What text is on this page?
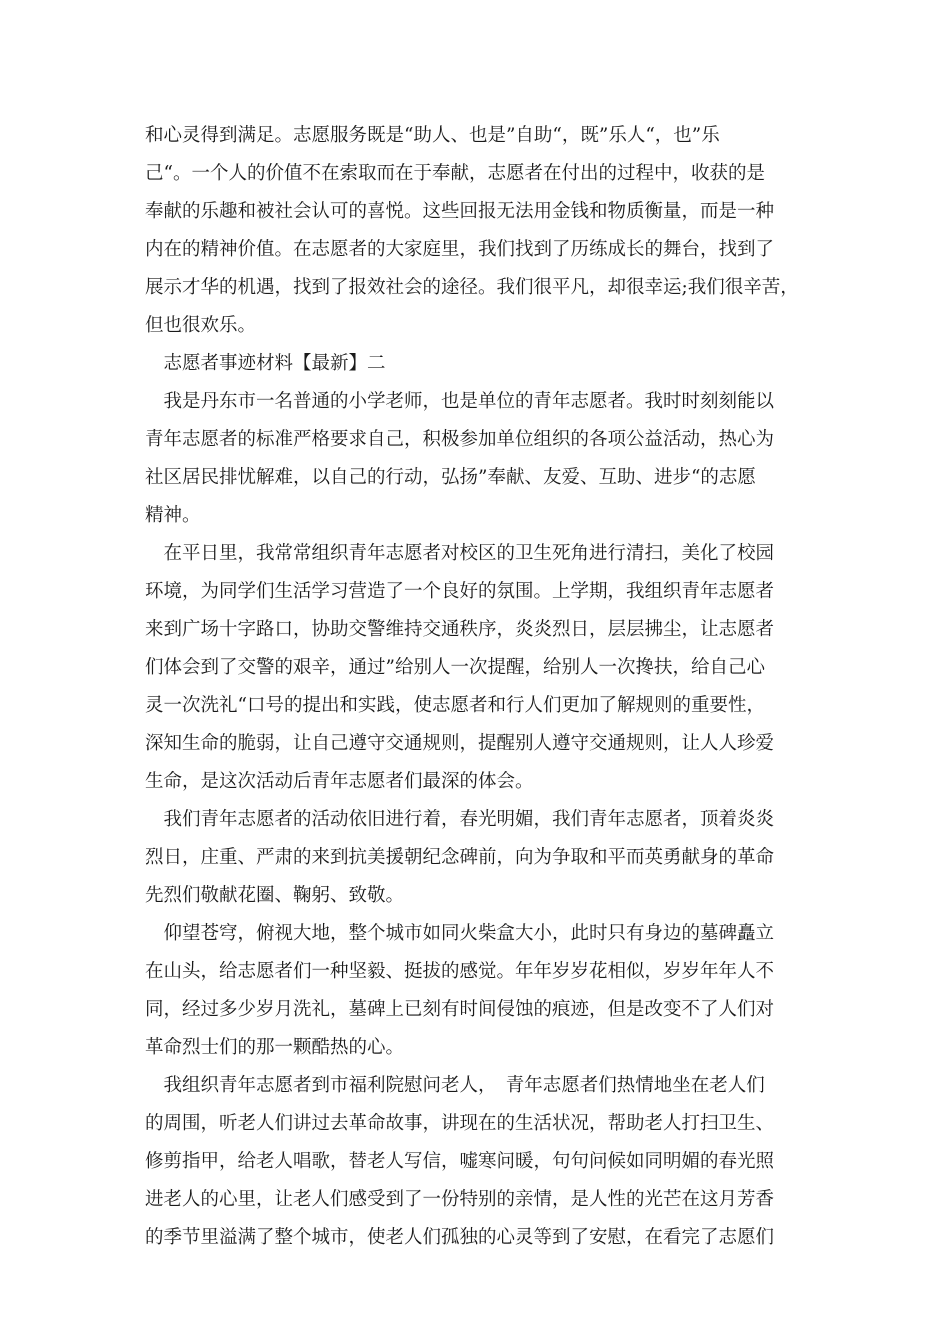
和心灵得到满足。志愿服务既是“助人、也是”自助“，既”乐人“，也”乐
己“。一个人的价值不在索取而在于奉献，志愿者在付出的过程中，收获的是
奉献的乐趣和被社会认可的喜悦。这些回报无法用金钱和物质衡量，而是一种
内在的精神价值。在志愿者的大家庭里，我们找到了历练成长的舞台，找到了
展示才华的机遇，找到了报效社会的途径。我们很平凡，却很幸运;我们很辛苦，
但也很欢乐。
　志愿者事迹材料【最新】二
　我是丹东市一名普通的小学老师，也是单位的青年志愿者。我时时刻刻能以
青年志愿者的标准严格要求自己，积极参加单位组织的各项公益活动，热心为
社区居民排忧解难，以自己的行动，弘扬”奉献、友爱、互助、进步“的志愿
精神。
　在平日里，我常常组织青年志愿者对校区的卫生死角进行清扫，美化了校园
环境，为同学们生活学习营造了一个良好的氛围。上学期，我组织青年志愿者
来到广场十字路口，协助交警维持交通秩序，炎炎烈日，层层拂尘，让志愿者
们体会到了交警的艰辛，通过”给别人一次提醒，给别人一次搀扶，给自己心
灵一次洗礼“口号的提出和实践，使志愿者和行人们更加了解规则的重要性，
深知生命的脆弱，让自己遵守交通规则，提醒别人遵守交通规则，让人人珍爱
生命，是这次活动后青年志愿者们最深的体会。
　我们青年志愿者的活动依旧进行着，春光明媚，我们青年志愿者，顶着炎炎
烈日，庄重、严肃的来到抗美援朝纪念碑前，向为争取和平而英勇献身的革命
先烈们敬献花圈、鞠躬、致敬。
　仰望苍穹，俯视大地，整个城市如同火柴盒大小，此时只有身边的墓碑矗立
在山头，给志愿者们一种坚毅、挺拔的感觉。年年岁岁花相似，岁岁年年人不
同，经过多少岁月洗礼，墓碑上已刻有时间侵蚀的痕迹，但是改变不了人们对
革命烈士们的那一颗酷热的心。
　我组织青年志愿者到市福利院慰问老人，　青年志愿者们热情地坐在老人们
的周围，听老人们讲过去革命故事，讲现在的生活状况，帮助老人打扫卫生、
修剪指甲，给老人唱歌，替老人写信，嘘寒问暖，句句问候如同明媚的春光照
进老人的心里，让老人们感受到了一份特别的亲情，是人性的光芒在这月芳香
的季节里溢满了整个城市，使老人们孤独的心灵等到了安慰，在看完了志愿们
